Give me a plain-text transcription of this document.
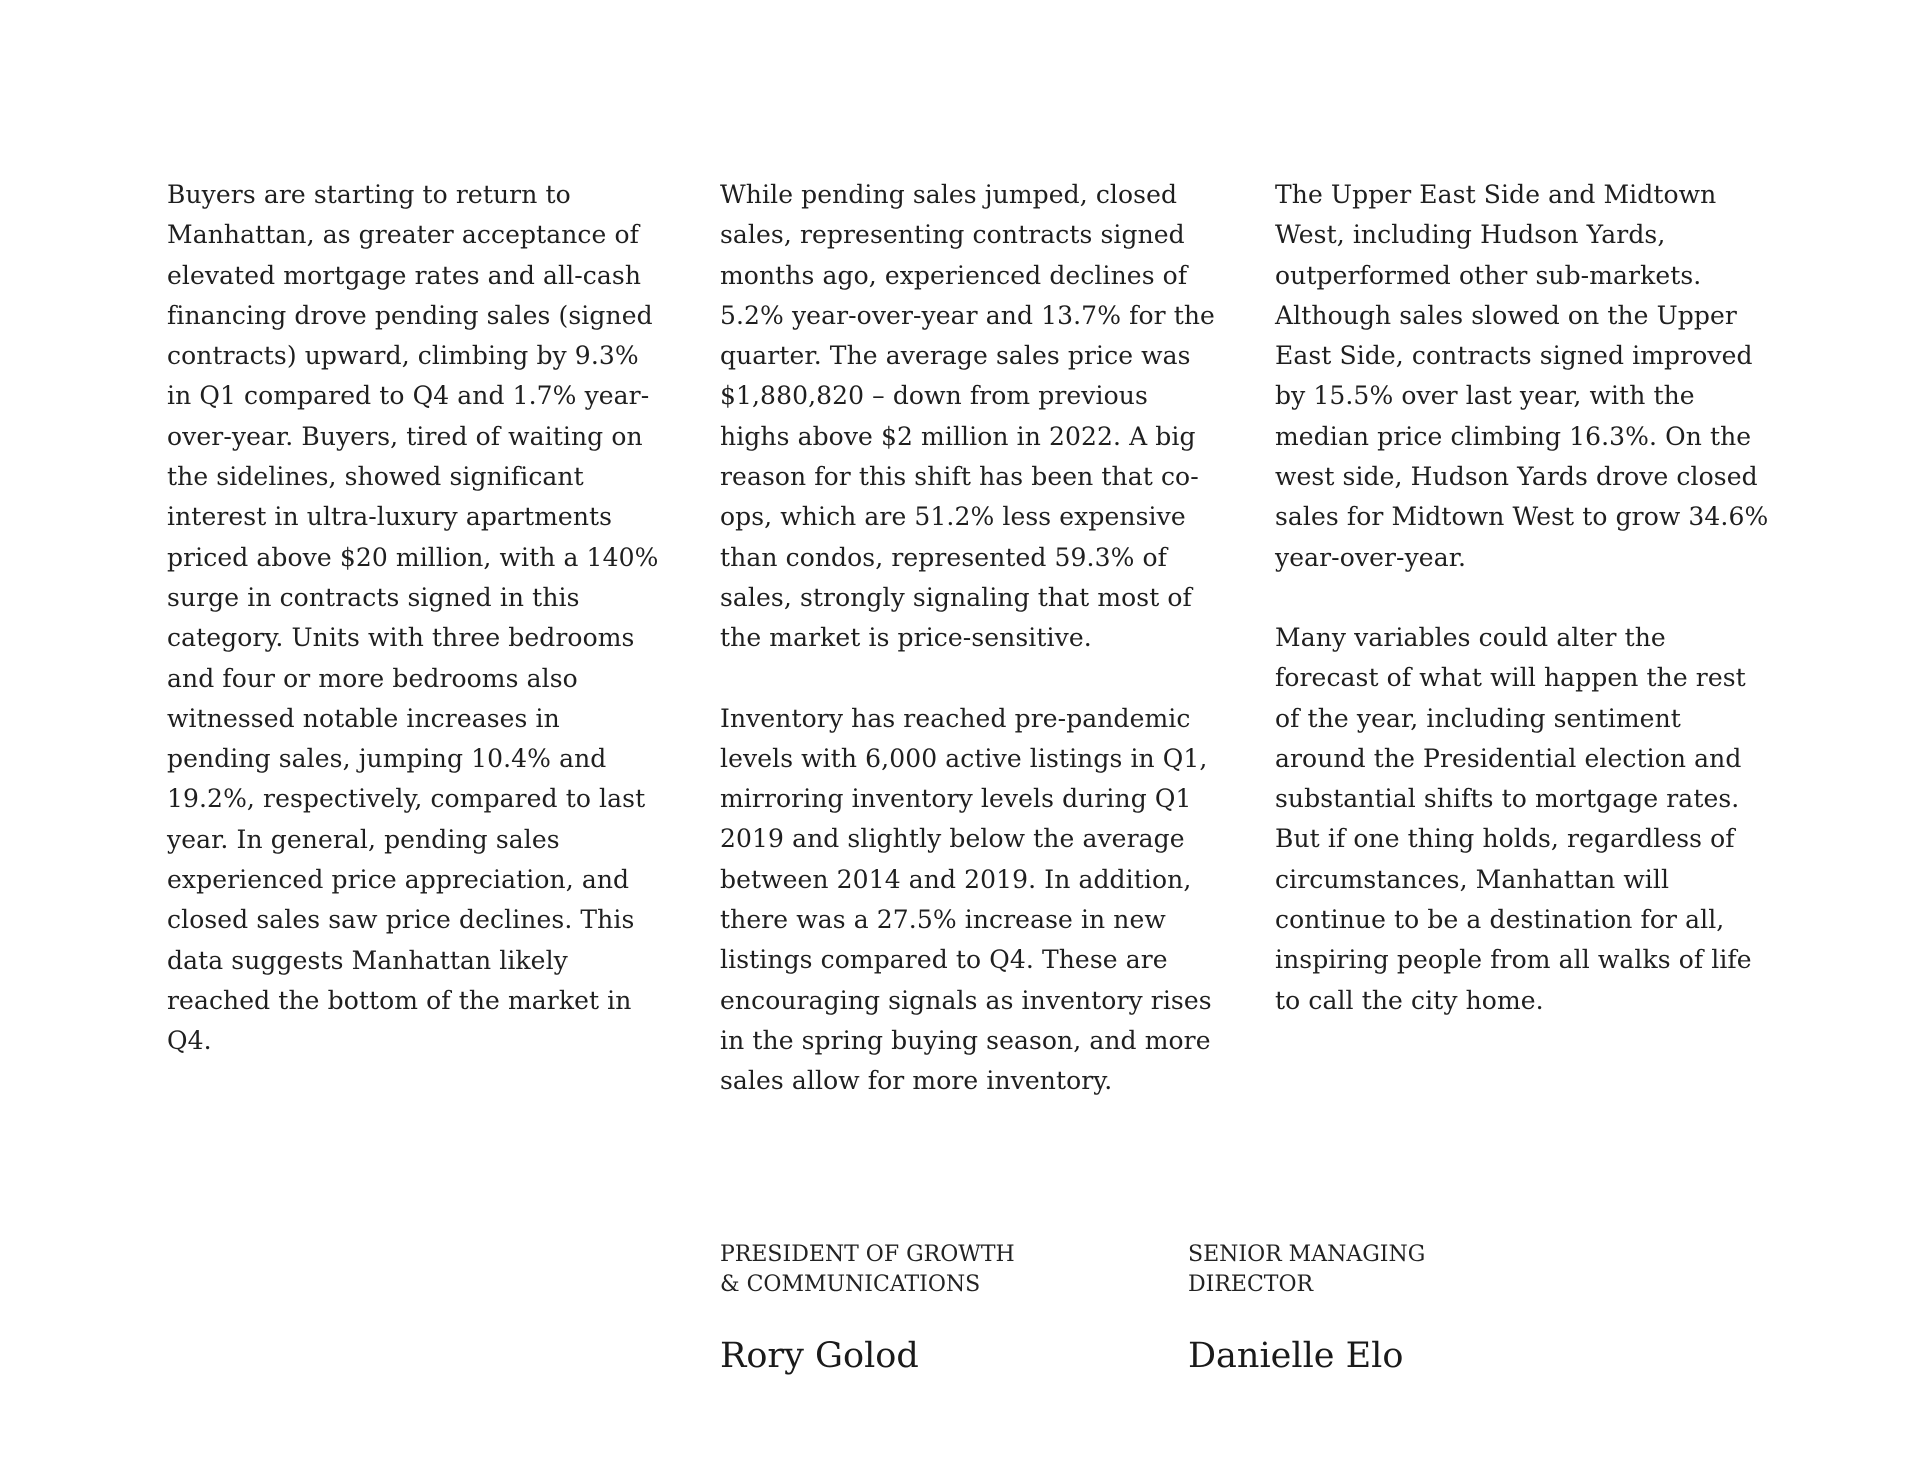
Buyers are starting to return to Manhattan, as greater acceptance of elevated mortgage rates and all-cash financing drove pending sales (signed contracts) upward, climbing by 9.3% in Q1 compared to Q4 and 1.7% year-over-year. Buyers, tired of waiting on the sidelines, showed significant interest in ultra-luxury apartments priced above $20 million, with a 140% surge in contracts signed in this category. Units with three bedrooms and four or more bedrooms also witnessed notable increases in pending sales, jumping 10.4% and 19.2%, respectively, compared to last year. In general, pending sales experienced price appreciation, and closed sales saw price declines. This data suggests Manhattan likely reached the bottom of the market in Q4.

While pending sales jumped, closed sales, representing contracts signed months ago, experienced declines of 5.2% year-over-year and 13.7% for the quarter. The average sales price was $1,880,820 – down from previous highs above $2 million in 2022. A big reason for this shift has been that co-ops, which are 51.2% less expensive than condos, represented 59.3% of sales, strongly signaling that most of the market is price-sensitive.

Inventory has reached pre-pandemic levels with 6,000 active listings in Q1, mirroring inventory levels during Q1 2019 and slightly below the average between 2014 and 2019. In addition, there was a 27.5% increase in new listings compared to Q4. These are encouraging signals as inventory rises in the spring buying season, and more sales allow for more inventory.

The Upper East Side and Midtown West, including Hudson Yards, outperformed other sub-markets. Although sales slowed on the Upper East Side, contracts signed improved by 15.5% over last year, with the median price climbing 16.3%. On the west side, Hudson Yards drove closed sales for Midtown West to grow 34.6% year-over-year.

Many variables could alter the forecast of what will happen the rest of the year, including sentiment around the Presidential election and substantial shifts to mortgage rates. But if one thing holds, regardless of circumstances, Manhattan will continue to be a destination for all, inspiring people from all walks of life to call the city home.

PRESIDENT OF GROWTH
& COMMUNICATIONS
Rory Golod
SENIOR MANAGING
DIRECTOR
Danielle Elo
